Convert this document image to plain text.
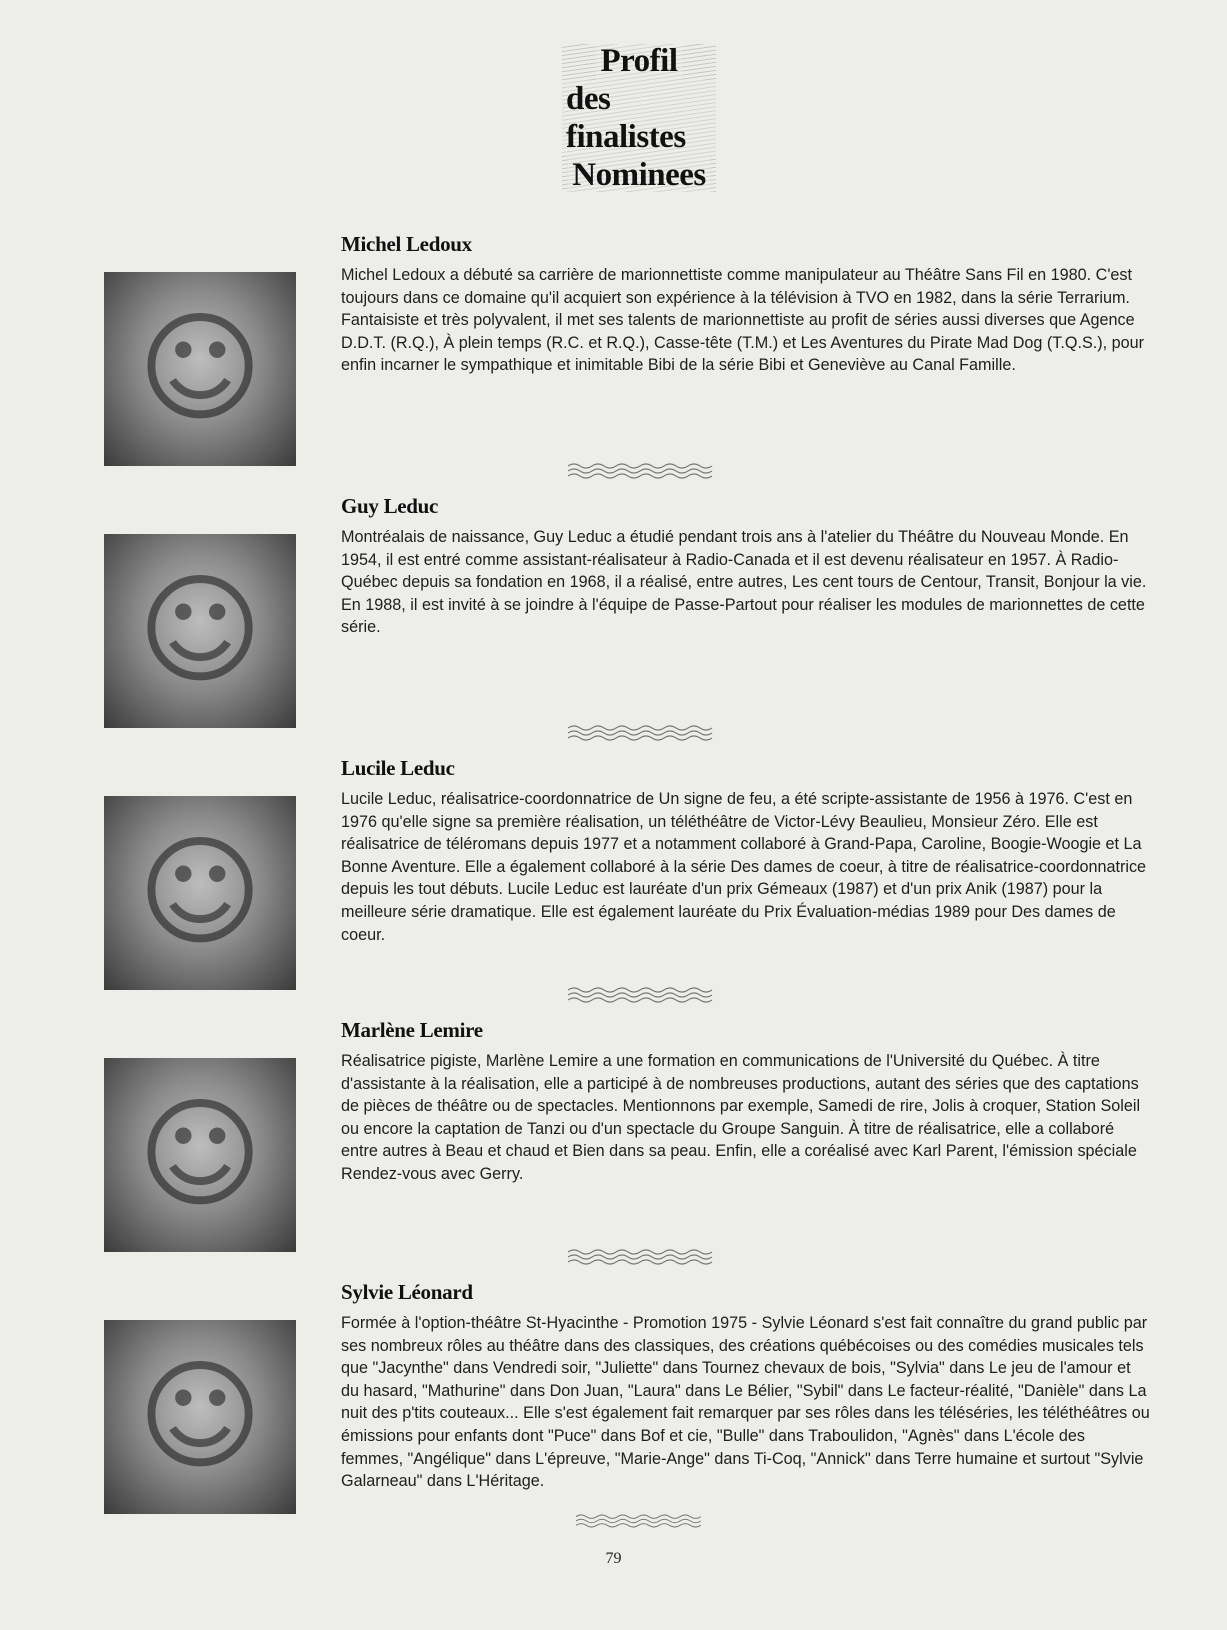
Profil
des finalistes
Nominees
☺
Michel Ledoux
Michel Ledoux a débuté sa carrière de marionnettiste comme manipulateur au Théâtre Sans Fil en 1980. C'est toujours dans ce domaine qu'il acquiert son expérience à la télévision à TVO en 1982, dans la série Terrarium. Fantaisiste et très polyvalent, il met ses talents de marionnettiste au profit de séries aussi diverses que Agence D.D.T. (R.Q.), À plein temps (R.C. et R.Q.), Casse-tête (T.M.) et Les Aventures du Pirate Mad Dog (T.Q.S.), pour enfin incarner le sympathique et inimitable Bibi de la série Bibi et Geneviève au Canal Famille.
☺
Guy Leduc
Montréalais de naissance, Guy Leduc a étudié pendant trois ans à l'atelier du Théâtre du Nouveau Monde. En 1954, il est entré comme assistant-réalisateur à Radio-Canada et il est devenu réalisateur en 1957. À Radio-Québec depuis sa fondation en 1968, il a réalisé, entre autres, Les cent tours de Centour, Transit, Bonjour la vie. En 1988, il est invité à se joindre à l'équipe de Passe-Partout pour réaliser les modules de marionnettes de cette série.
☺
Lucile Leduc
Lucile Leduc, réalisatrice-coordonnatrice de Un signe de feu, a été scripte-assistante de 1956 à 1976. C'est en 1976 qu'elle signe sa première réalisation, un téléthéâtre de Victor-Lévy Beaulieu, Monsieur Zéro. Elle est réalisatrice de téléromans depuis 1977 et a notamment collaboré à Grand-Papa, Caroline, Boogie-Woogie et La Bonne Aventure. Elle a également collaboré à la série Des dames de coeur, à titre de réalisatrice-coordonnatrice depuis les tout débuts. Lucile Leduc est lauréate d'un prix Gémeaux (1987) et d'un prix Anik (1987) pour la meilleure série dramatique. Elle est également lauréate du Prix Évaluation-médias 1989 pour Des dames de coeur.
☺
Marlène Lemire
Réalisatrice pigiste, Marlène Lemire a une formation en communications de l'Université du Québec. À titre d'assistante à la réalisation, elle a participé à de nombreuses productions, autant des séries que des captations de pièces de théâtre ou de spectacles. Mentionnons par exemple, Samedi de rire, Jolis à croquer, Station Soleil ou encore la captation de Tanzi ou d'un spectacle du Groupe Sanguin. À titre de réalisatrice, elle a collaboré entre autres à Beau et chaud et Bien dans sa peau. Enfin, elle a coréalisé avec Karl Parent, l'émission spéciale Rendez-vous avec Gerry.
☺
Sylvie Léonard
Formée à l'option-théâtre St-Hyacinthe - Promotion 1975 - Sylvie Léonard s'est fait connaître du grand public par ses nombreux rôles au théâtre dans des classiques, des créations québécoises ou des comédies musicales tels que "Jacynthe" dans Vendredi soir, "Juliette" dans Tournez chevaux de bois, "Sylvia" dans Le jeu de l'amour et du hasard, "Mathurine" dans Don Juan, "Laura" dans Le Bélier, "Sybil" dans Le facteur-réalité, "Danièle" dans La nuit des p'tits couteaux... Elle s'est également fait remarquer par ses rôles dans les téléséries, les téléthéâtres ou émissions pour enfants dont "Puce" dans Bof et cie, "Bulle" dans Traboulidon, "Agnès" dans L'école des femmes, "Angélique" dans L'épreuve, "Marie-Ange" dans Ti-Coq, "Annick" dans Terre humaine et surtout "Sylvie Galarneau" dans L'Héritage.
79
